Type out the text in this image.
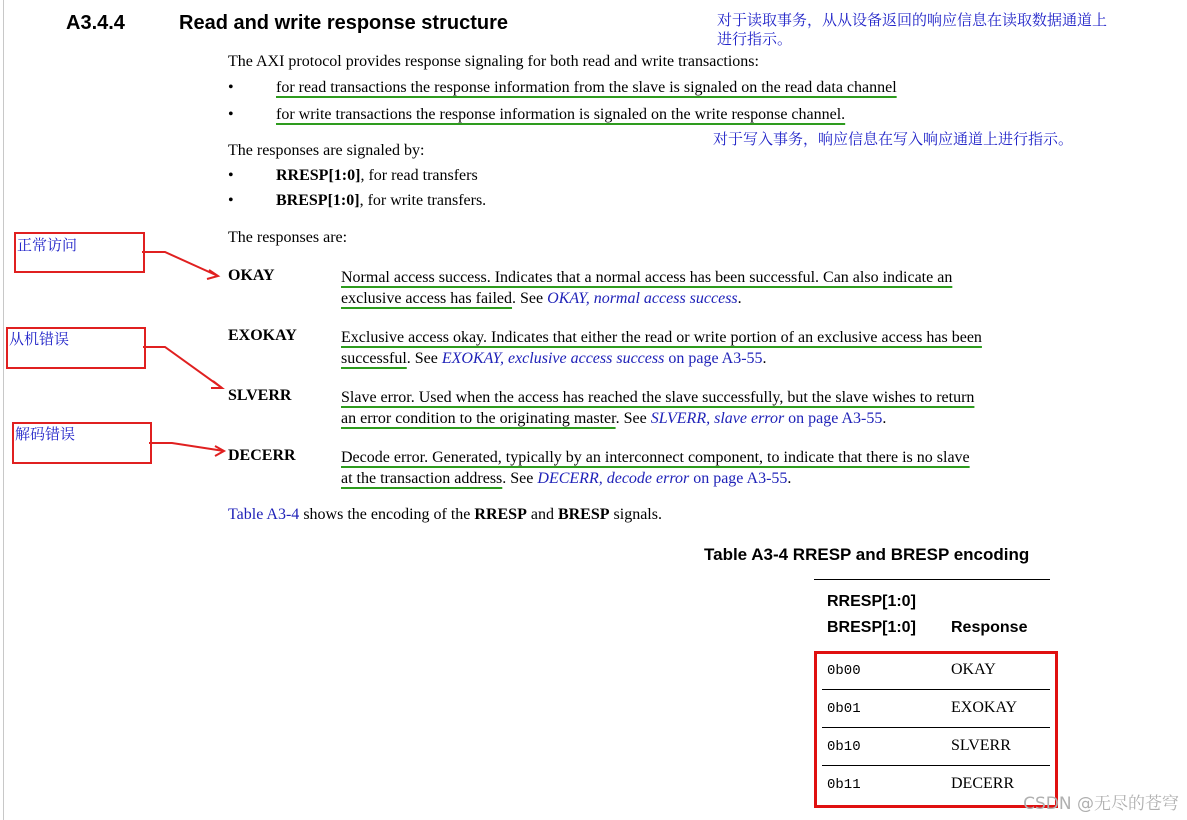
A3.4.4	Read and write response structure	对于读取事务，从从设备返回的响应信息在读取数据通道上
进行指示。
The AXI protocol provides response signaling for both read and write transactions:
•	for read transactions the response information from the slave is signaled on the read data channel
•	for write transactions the response information is signaled on the write response channel.
对于写入事务，响应信息在写入响应通道上进行指示。
The responses are signaled by:
•	RRESP[1:0], for read transfers
•	BRESP[1:0], for write transfers.
The responses are:
OKAY	Normal access success. Indicates that a normal access has been successful. Can also indicate an
exclusive access has failed. See OKAY, normal access success.
EXOKAY	Exclusive access okay. Indicates that either the read or write portion of an exclusive access has been
successful. See EXOKAY, exclusive access success on page A3-55.
SLVERR	Slave error. Used when the access has reached the slave successfully, but the slave wishes to return
an error condition to the originating master. See SLVERR, slave error on page A3-55.
DECERR	Decode error. Generated, typically by an interconnect component, to indicate that there is no slave
at the transaction address. See DECERR, decode error on page A3-55.
Table A3-4 shows the encoding of the RRESP and BRESP signals.
Table A3-4 RRESP and BRESP encoding
RRESP[1:0]
BRESP[1:0] Response
0b00	OKAY
0b01	EXOKAY
0b10	SLVERR
0b11	DECERR
正常访问
从机错误
解码错误
CSDN @无尽的苍穹
